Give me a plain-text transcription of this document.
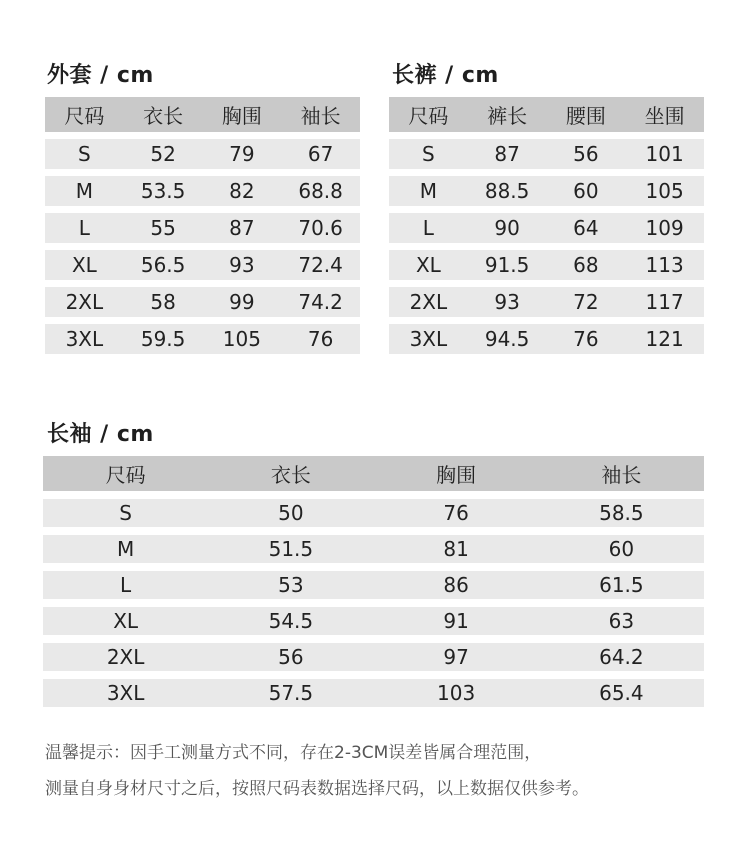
外套 / cm
尺码	衣长	胸围	袖长
S	52	79	67
M	53.5	82	68.8
L	55	87	70.6
XL	56.5	93	72.4
2XL	58	99	74.2
3XL	59.5	105	76
长裤 / cm
尺码	裤长	腰围	坐围
S	87	56	101
M	88.5	60	105
L	90	64	109
XL	91.5	68	113
2XL	93	72	117
3XL	94.5	76	121
长袖 / cm
尺码	衣长	胸围	袖长
S	50	76	58.5
M	51.5	81	60
L	53	86	61.5
XL	54.5	91	63
2XL	56	97	64.2
3XL	57.5	103	65.4
温馨提示：因手工测量方式不同，存在2-3CM误差皆属合理范围，
测量自身身材尺寸之后，按照尺码表数据选择尺码，以上数据仅供参考。
